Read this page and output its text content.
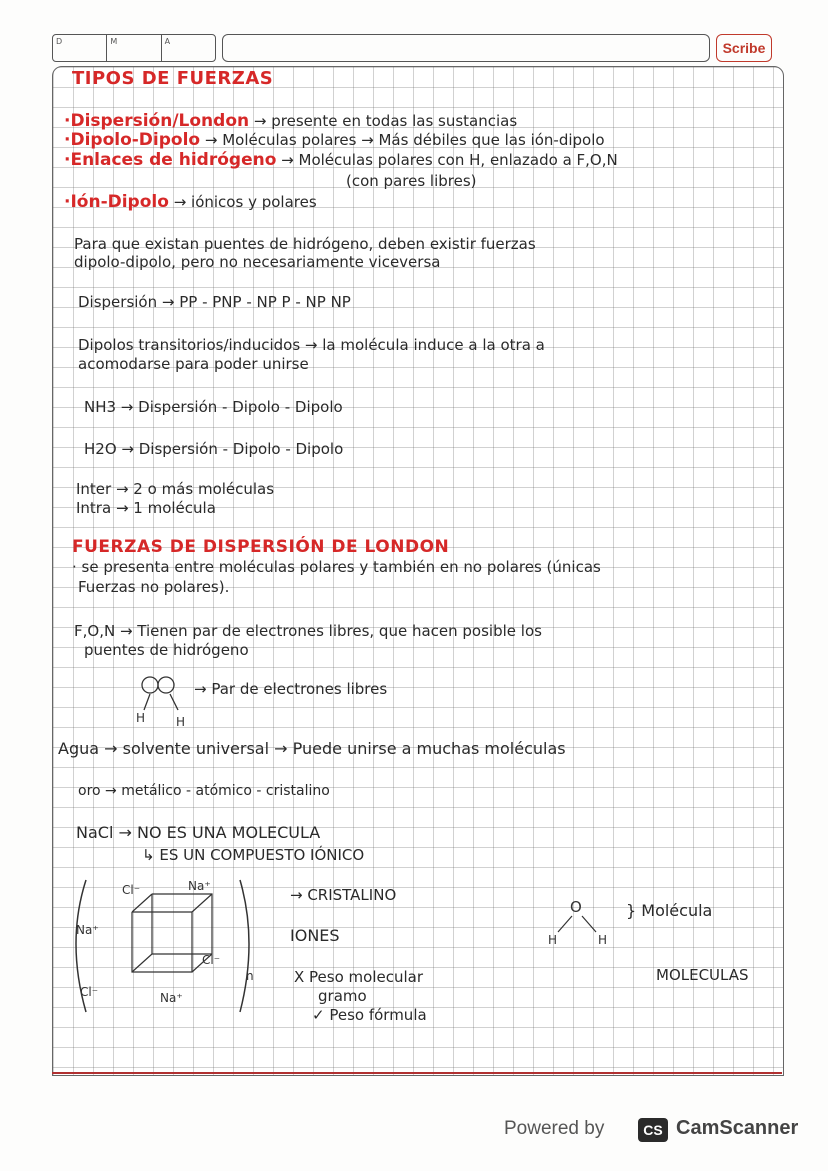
D	M	A	Scribe
TIPOS DE FUERZAS
·Dispersión/London → presente en todas las sustancias
·Dipolo-Dipolo → Moléculas polares → Más débiles que las ión-dipolo
·Enlaces de hidrógeno → Moléculas polares con H, enlazado a F,O,N
(con pares libres)
·Ión-Dipolo → iónicos y polares
Para que existan puentes de hidrógeno, deben existir fuerzas
dipolo-dipolo, pero no necesariamente viceversa
Dispersión → PP - PNP - NP P - NP NP
Dipolos transitorios/inducidos → la molécula induce a la otra a
acomodarse para poder unirse
NH3 → Dispersión - Dipolo - Dipolo
H2O → Dispersión - Dipolo - Dipolo
Inter → 2 o más moléculas
Intra → 1 molécula
FUERZAS DE DISPERSIÓN DE LONDON
· se presenta entre moléculas polares y también en no polares (únicas
Fuerzas no polares).
F,O,N → Tienen par de electrones libres, que hacen posible los
puentes de hidrógeno
H	H
→ Par de electrones libres
Agua → solvente universal → Puede unirse a muchas moléculas
oro → metálico - atómico - cristalino
NaCl → NO ES UNA MOLECULA
↳ ES UN COMPUESTO IÓNICO
Cl⁻	Na⁺
Na⁺
Cl⁻
Cl⁻	Na⁺
n
→ CRISTALINO
IONES
X Peso molecular
gramo
✓ Peso fórmula
O
H	H
} Molécula
MOLECULAS
Powered by	CS CamScanner
